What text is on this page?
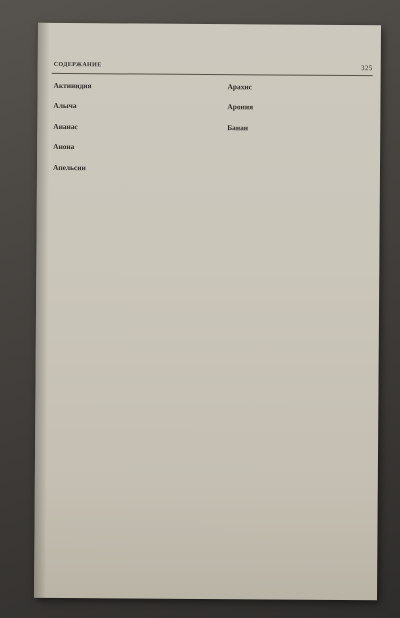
СОДЕРЖАНИЕ	325
Актинидия
Алыча
Ананас
Анона
Апельсин
Арахис
Арония
Банан
